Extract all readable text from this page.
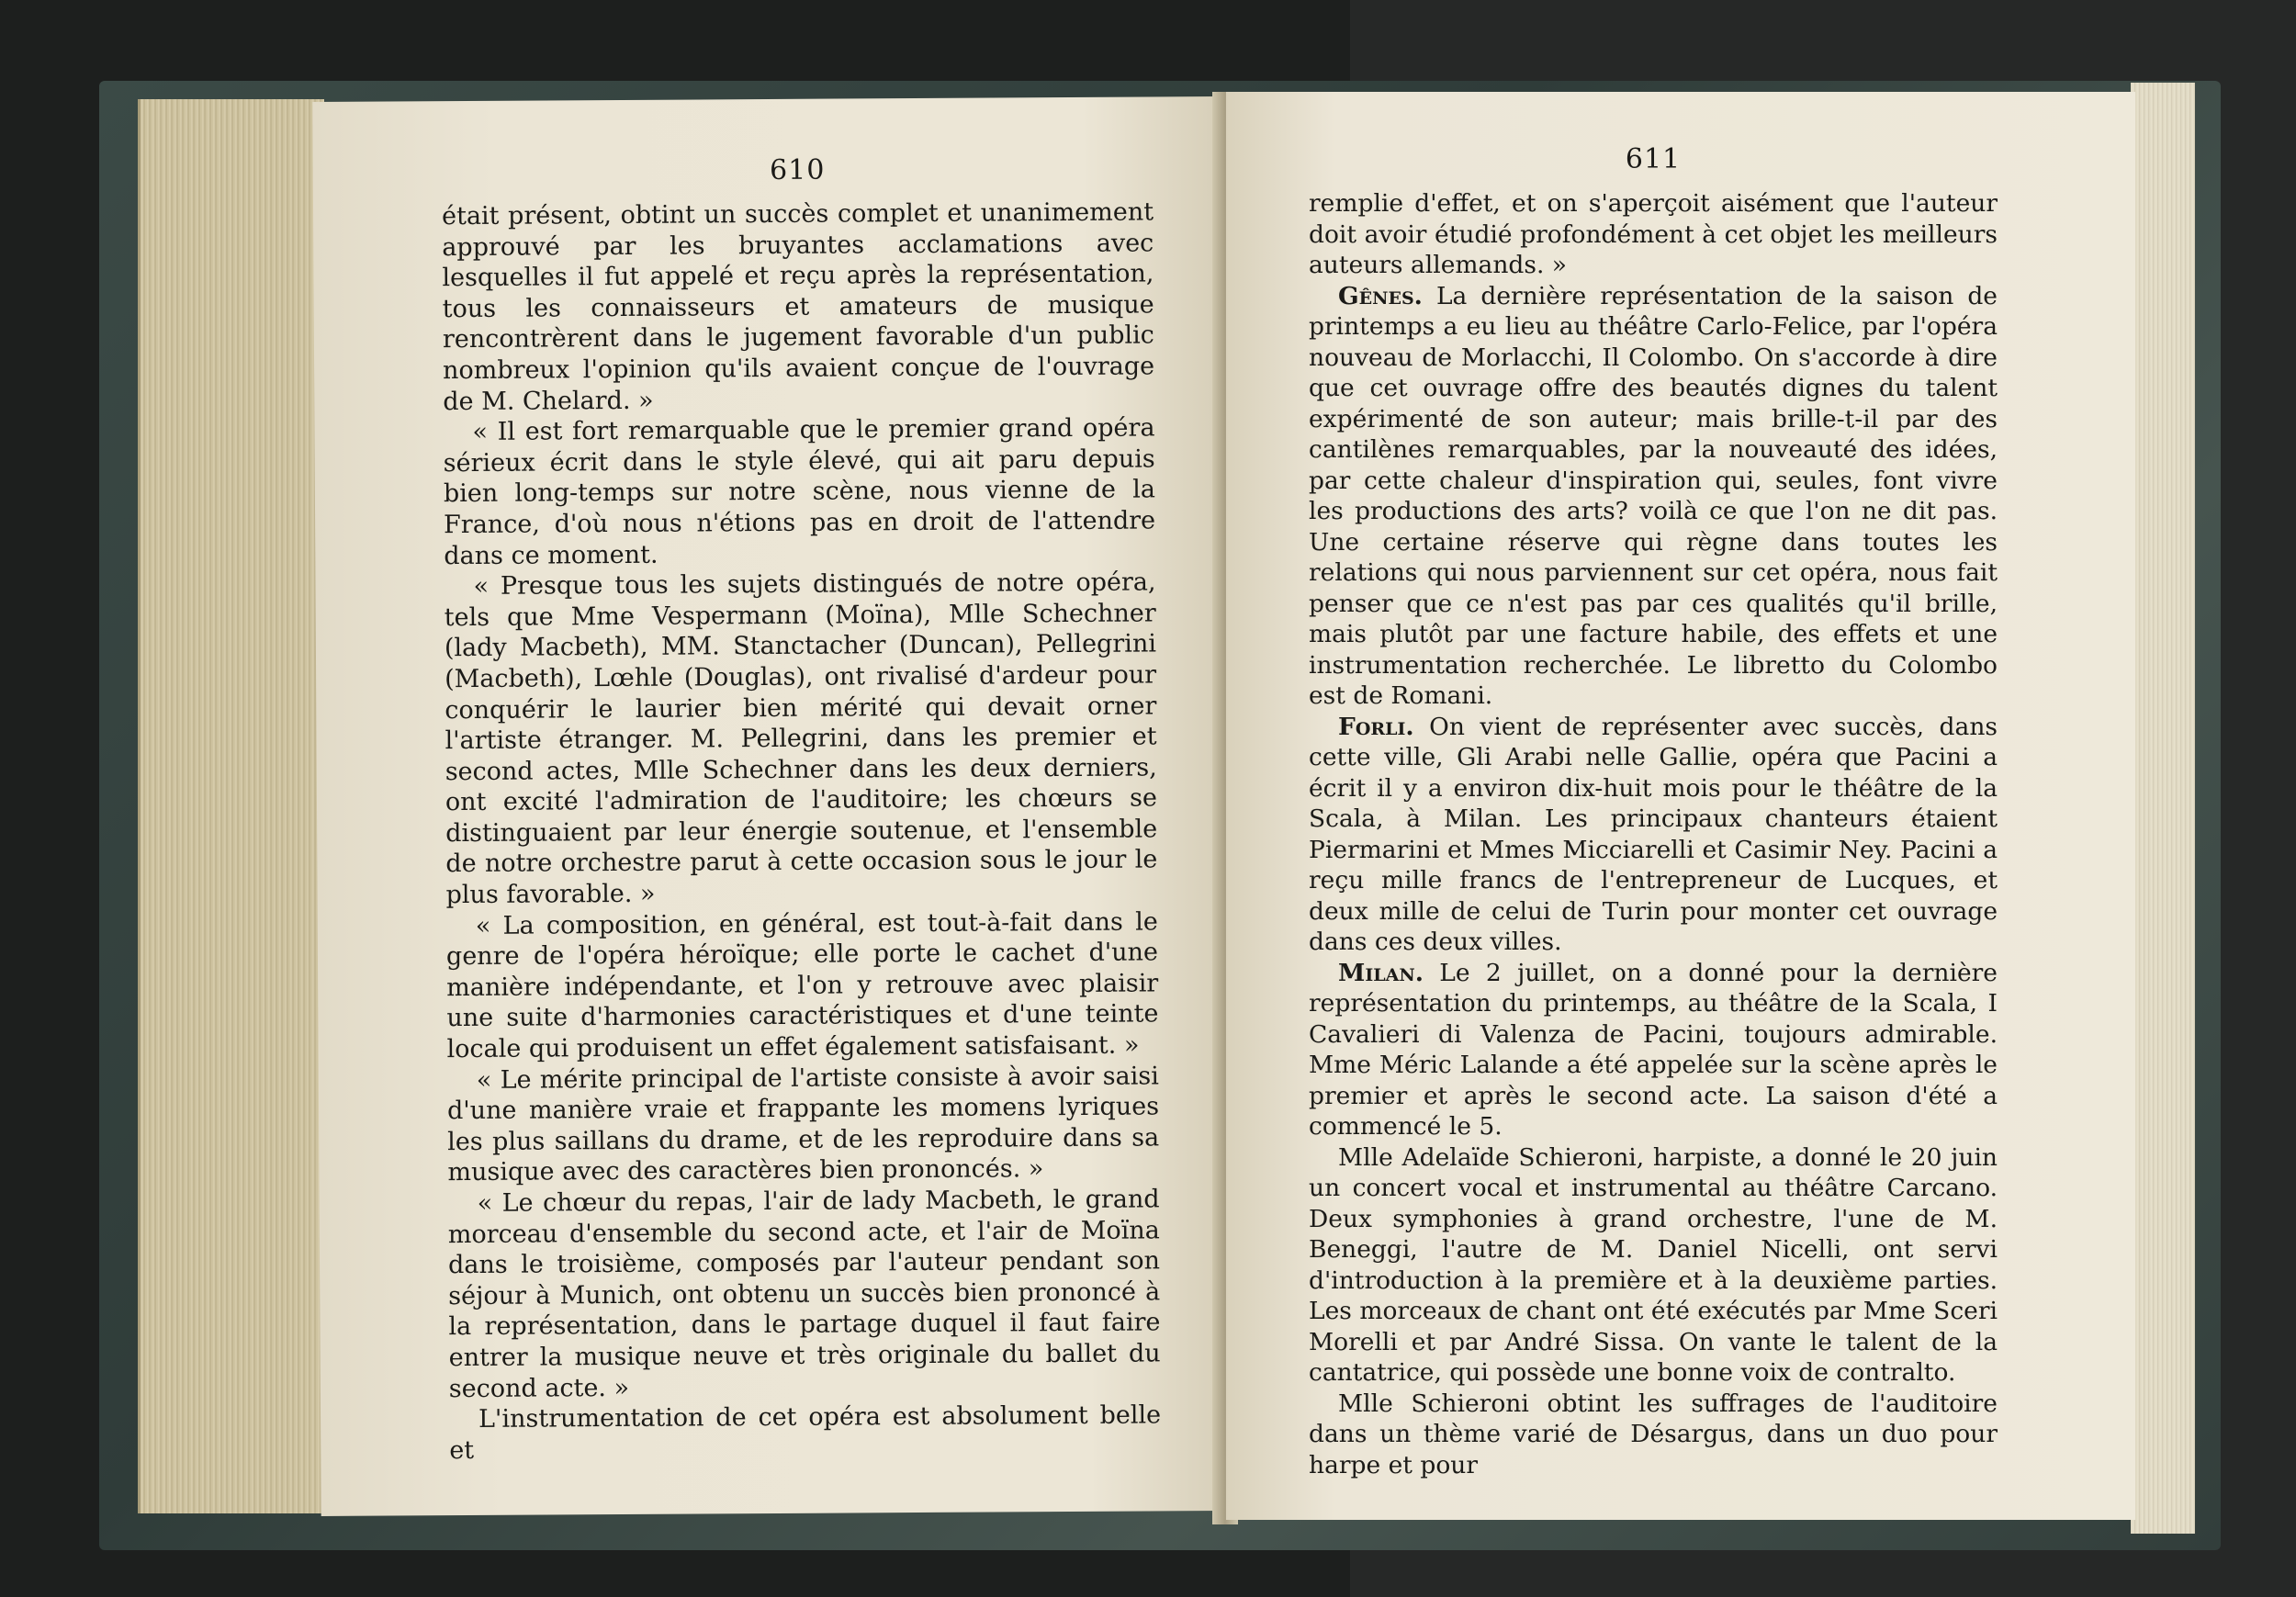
610

était présent, obtint un succès complet et unanimement approuvé par les bruyantes acclamations avec lesquelles il fut appelé et reçu après la représentation, tous les connaisseurs et amateurs de musique rencontrèrent dans le jugement favorable d'un public nombreux l'opinion qu'ils avaient conçue de l'ouvrage de M. Chelard. »

« Il est fort remarquable que le premier grand opéra sérieux écrit dans le style élevé, qui ait paru depuis bien long-temps sur notre scène, nous vienne de la France, d'où nous n'étions pas en droit de l'attendre dans ce moment.

« Presque tous les sujets distingués de notre opéra, tels que Mme Vespermann (Moïna), Mlle Schechner (lady Macbeth), MM. Stanctacher (Duncan), Pellegrini (Macbeth), Lœhle (Douglas), ont rivalisé d'ardeur pour conquérir le laurier bien mérité qui devait orner l'artiste étranger. M. Pellegrini, dans les premier et second actes, Mlle Schechner dans les deux derniers, ont excité l'admiration de l'auditoire; les chœurs se distinguaient par leur énergie soutenue, et l'ensemble de notre orchestre parut à cette occasion sous le jour le plus favorable. »

« La composition, en général, est tout-à-fait dans le genre de l'opéra héroïque; elle porte le cachet d'une manière indépendante, et l'on y retrouve avec plaisir une suite d'harmonies caractéristiques et d'une teinte locale qui produisent un effet également satisfaisant. »

« Le mérite principal de l'artiste consiste à avoir saisi d'une manière vraie et frappante les momens lyriques les plus saillans du drame, et de les reproduire dans sa musique avec des caractères bien prononcés. »

« Le chœur du repas, l'air de lady Macbeth, le grand morceau d'ensemble du second acte, et l'air de Moïna dans le troisième, composés par l'auteur pendant son séjour à Munich, ont obtenu un succès bien prononcé à la représentation, dans le partage duquel il faut faire entrer la musique neuve et très originale du ballet du second acte. »

L'instrumentation de cet opéra est absolument belle et

611

remplie d'effet, et on s'aperçoit aisément que l'auteur doit avoir étudié profondément à cet objet les meilleurs auteurs allemands. »

Gênes. La dernière représentation de la saison de printemps a eu lieu au théâtre Carlo-Felice, par l'opéra nouveau de Morlacchi, Il Colombo. On s'accorde à dire que cet ouvrage offre des beautés dignes du talent expérimenté de son auteur; mais brille-t-il par des cantilènes remarquables, par la nouveauté des idées, par cette chaleur d'inspiration qui, seules, font vivre les productions des arts? voilà ce que l'on ne dit pas. Une certaine réserve qui règne dans toutes les relations qui nous parviennent sur cet opéra, nous fait penser que ce n'est pas par ces qualités qu'il brille, mais plutôt par une facture habile, des effets et une instrumentation recherchée. Le libretto du Colombo est de Romani.

Forli. On vient de représenter avec succès, dans cette ville, Gli Arabi nelle Gallie, opéra que Pacini a écrit il y a environ dix-huit mois pour le théâtre de la Scala, à Milan. Les principaux chanteurs étaient Piermarini et Mmes Micciarelli et Casimir Ney. Pacini a reçu mille francs de l'entrepreneur de Lucques, et deux mille de celui de Turin pour monter cet ouvrage dans ces deux villes.

Milan. Le 2 juillet, on a donné pour la dernière représentation du printemps, au théâtre de la Scala, I Cavalieri di Valenza de Pacini, toujours admirable. Mme Méric Lalande a été appelée sur la scène après le premier et après le second acte. La saison d'été a commencé le 5.

Mlle Adelaïde Schieroni, harpiste, a donné le 20 juin un concert vocal et instrumental au théâtre Carcano. Deux symphonies à grand orchestre, l'une de M. Beneggi, l'autre de M. Daniel Nicelli, ont servi d'introduction à la première et à la deuxième parties. Les morceaux de chant ont été exécutés par Mme Sceri Morelli et par André Sissa. On vante le talent de la cantatrice, qui possède une bonne voix de contralto.

Mlle Schieroni obtint les suffrages de l'auditoire dans un thème varié de Désargus, dans un duo pour harpe et pour
